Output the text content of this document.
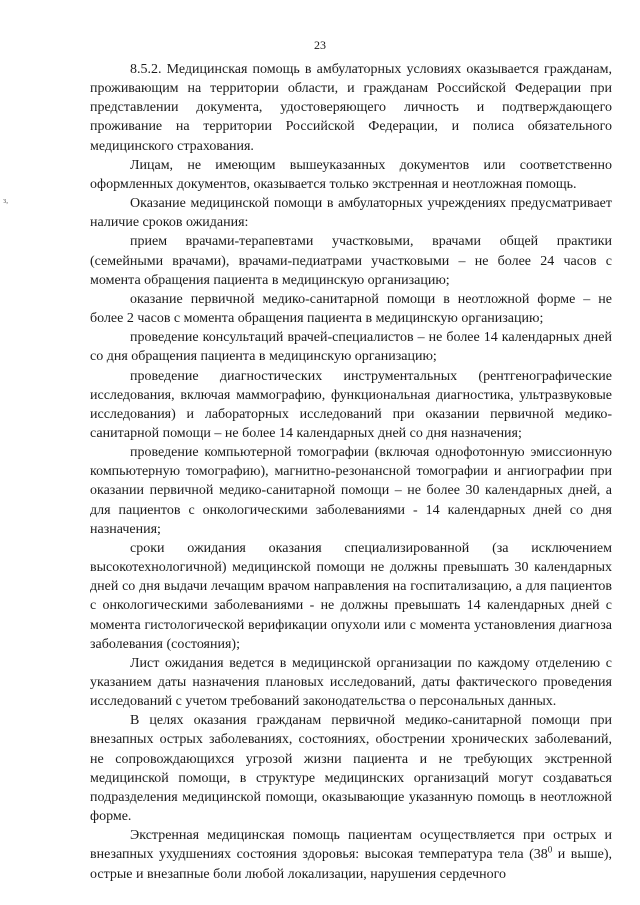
23
з,

8.5.2. Медицинская помощь в амбулаторных условиях оказывается гражданам, проживающим на территории области, и гражданам Российской Федерации при представлении документа, удостоверяющего личность и подтверждающего проживание на территории Российской Федерации, и полиса обязательного медицинского страхования.

Лицам, не имеющим вышеуказанных документов или соответственно оформленных документов, оказывается только экстренная и неотложная помощь.

Оказание медицинской помощи в амбулаторных учреждениях предусматривает наличие сроков ожидания:

прием врачами-терапевтами участковыми, врачами общей практики (семейными врачами), врачами-педиатрами участковыми – не более 24 часов с момента обращения пациента в медицинскую организацию;

оказание первичной медико-санитарной помощи в неотложной форме – не более 2 часов с момента обращения пациента в медицинскую организацию;

проведение консультаций врачей-специалистов – не более 14 календарных дней со дня обращения пациента в медицинскую организацию;

проведение диагностических инструментальных (рентгенографические исследования, включая маммографию, функциональная диагностика, ультразвуковые исследования) и лабораторных исследований при оказании первичной медико-санитарной помощи – не более 14 календарных дней со дня назначения;

проведение компьютерной томографии (включая однофотонную эмиссионную компьютерную томографию), магнитно-резонансной томографии и ангиографии при оказании первичной медико-санитарной помощи – не более 30 календарных дней, а для пациентов с онкологическими заболеваниями - 14 календарных дней со дня назначения;

сроки ожидания оказания специализированной (за исключением высокотехнологичной) медицинской помощи не должны превышать 30 календарных дней со дня выдачи лечащим врачом направления на госпитализацию, а для пациентов с онкологическими заболеваниями - не должны превышать 14 календарных дней с момента гистологической верификации опухоли или с момента установления диагноза заболевания (состояния);

Лист ожидания ведется в медицинской организации по каждому отделению с указанием даты назначения плановых исследований, даты фактического проведения исследований с учетом требований законодательства о персональных данных.

В целях оказания гражданам первичной медико-санитарной помощи при внезапных острых заболеваниях, состояниях, обострении хронических заболеваний, не сопровождающихся угрозой жизни пациента и не требующих экстренной медицинской помощи, в структуре медицинских организаций могут создаваться подразделения медицинской помощи, оказывающие указанную помощь в неотложной форме.

Экстренная медицинская помощь пациентам осуществляется при острых и внезапных ухудшениях состояния здоровья: высокая температура тела ($38^0$ и выше), острые и внезапные боли любой локализации, нарушения сердечного
